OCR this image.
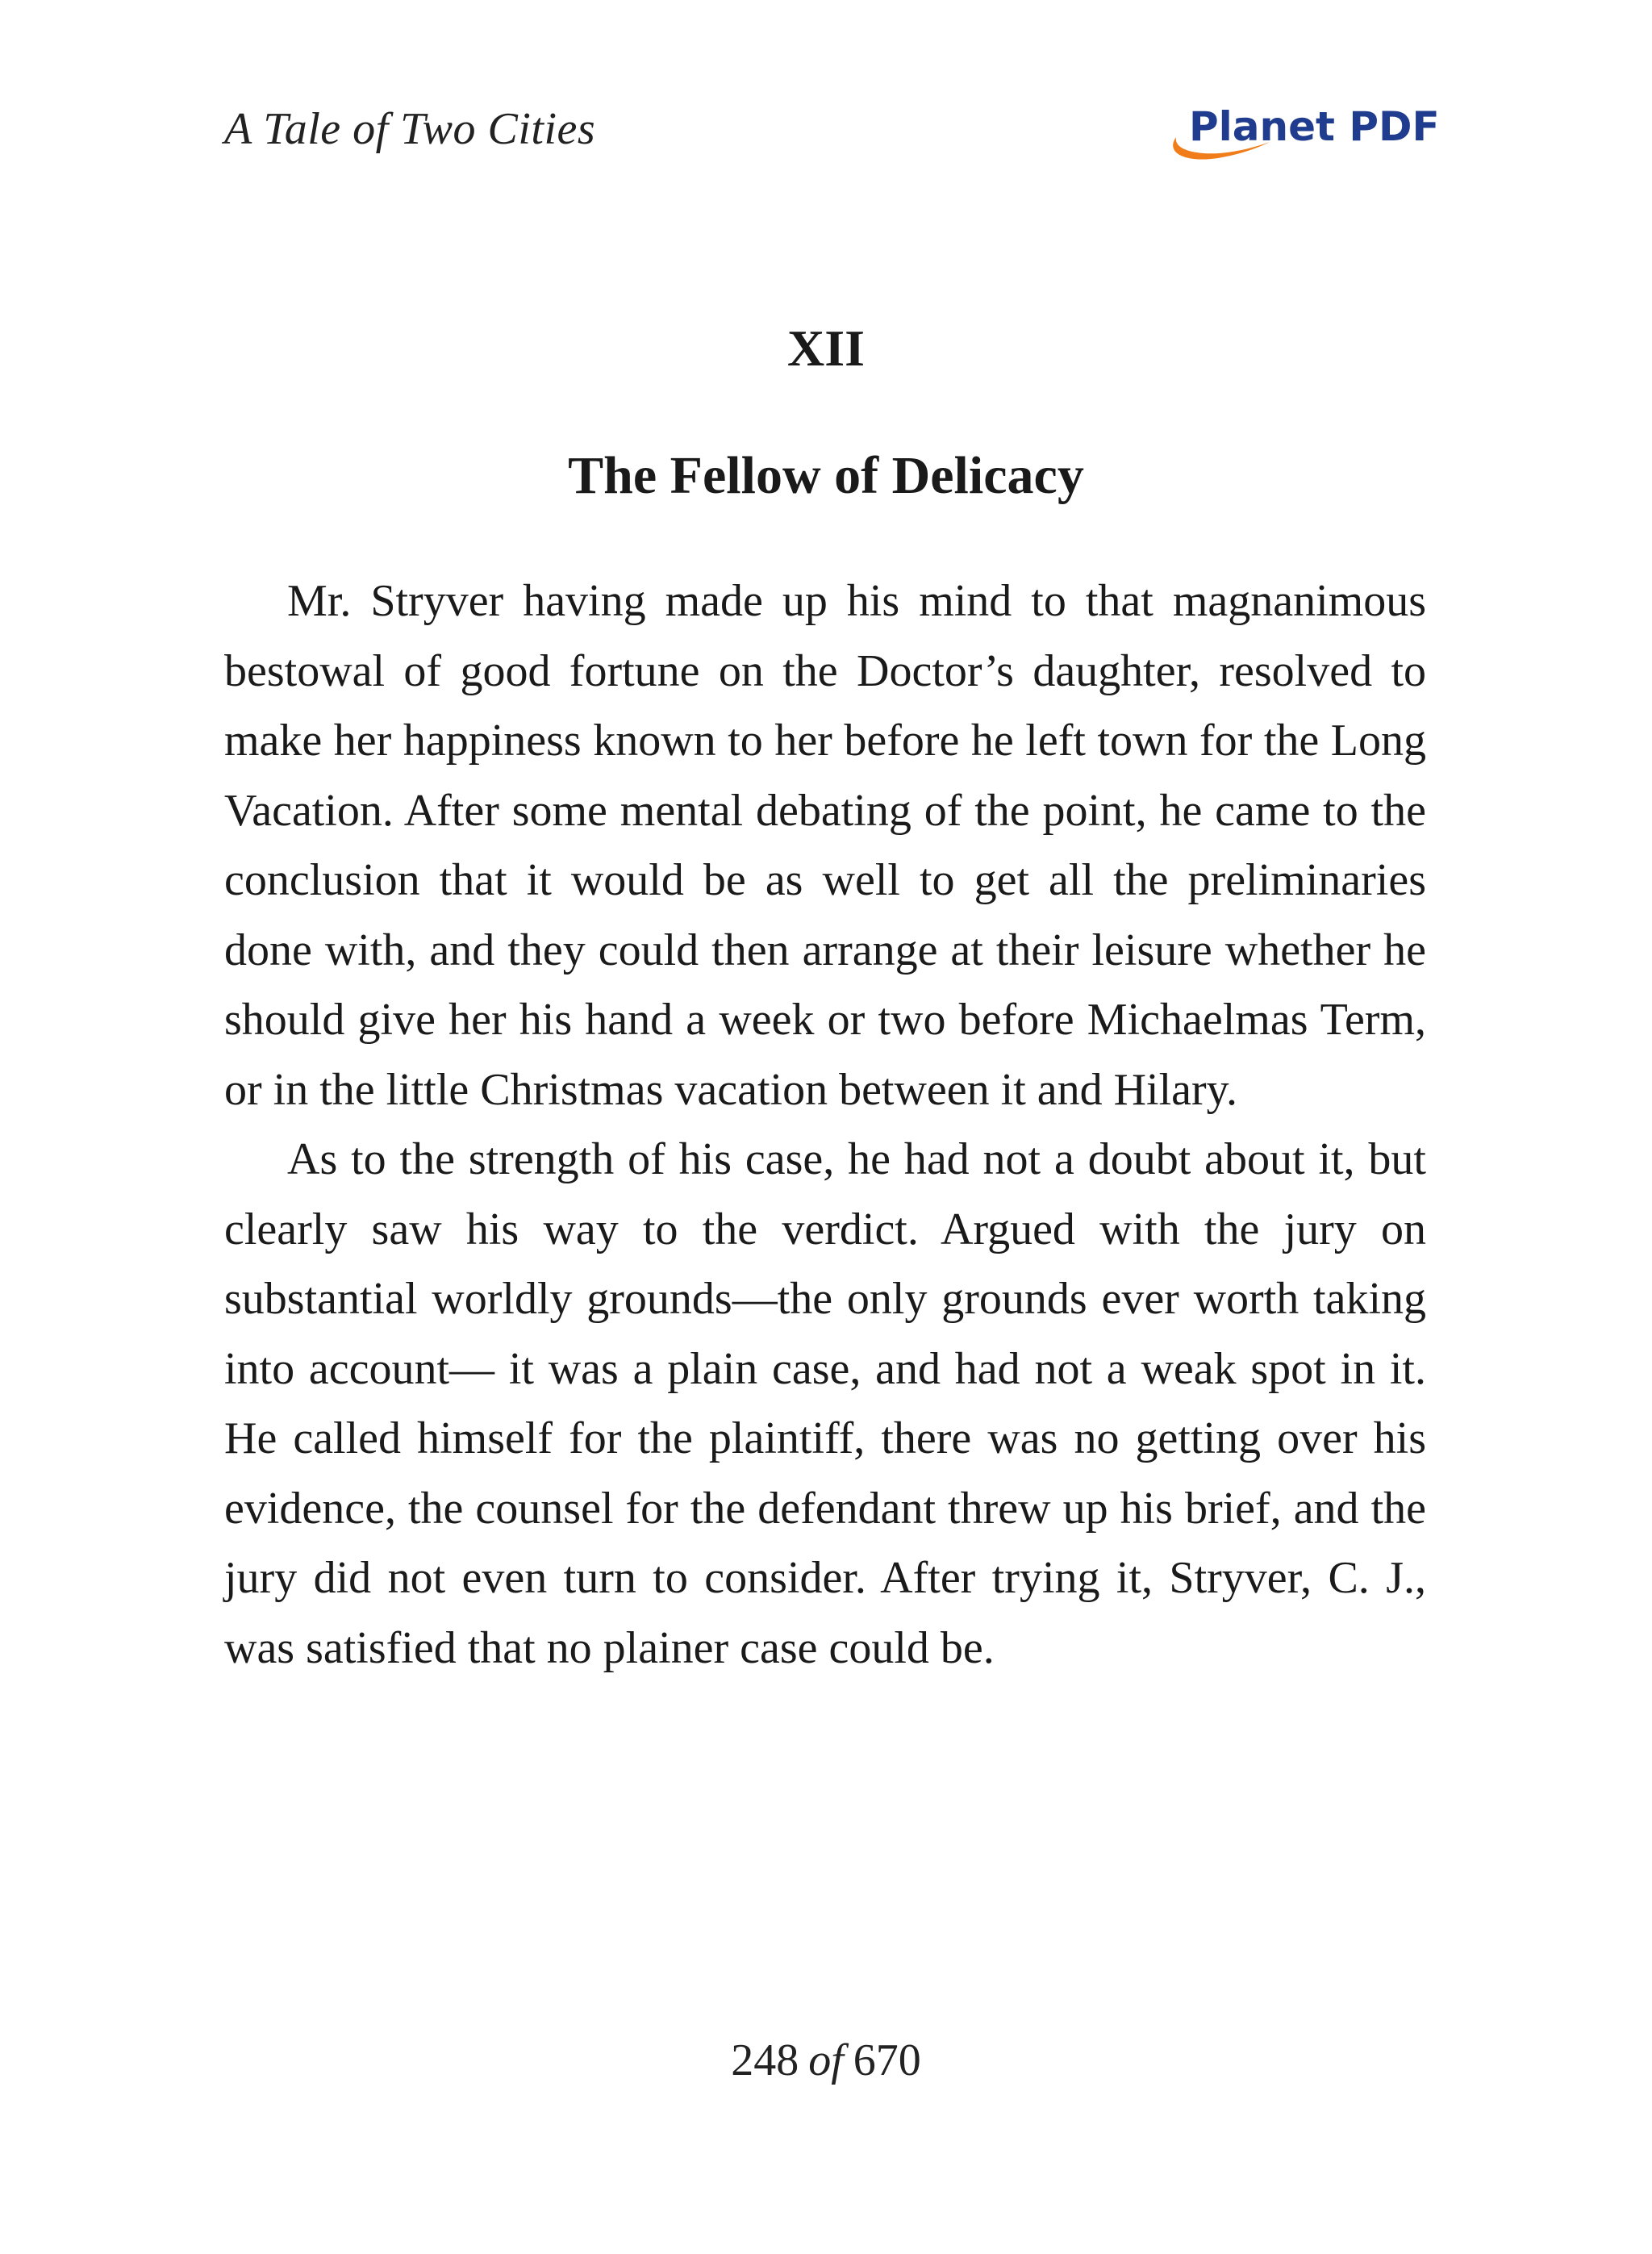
A Tale of Two Cities	Planet PDF
XII
The Fellow of Delicacy

Mr. Stryver having made up his mind to that magnanimous bestowal of good fortune on the Doctor’s daughter, resolved to make her happiness known to her before he left town for the Long Vacation. After some mental debating of the point, he came to the conclusion that it would be as well to get all the preliminaries done with, and they could then arrange at their leisure whether he should give her his hand a week or two before Michaelmas Term, or in the little Christmas vacation between it and Hilary.

As to the strength of his case, he had not a doubt about it, but clearly saw his way to the verdict. Argued with the jury on substantial worldly grounds—the only grounds ever worth taking into account— it was a plain case, and had not a weak spot in it. He called himself for the plaintiff, there was no getting over his evidence, the counsel for the defendant threw up his brief, and the jury did not even turn to consider. After trying it, Stryver, C. J., was satisfied that no plainer case could be.

248 of 670
